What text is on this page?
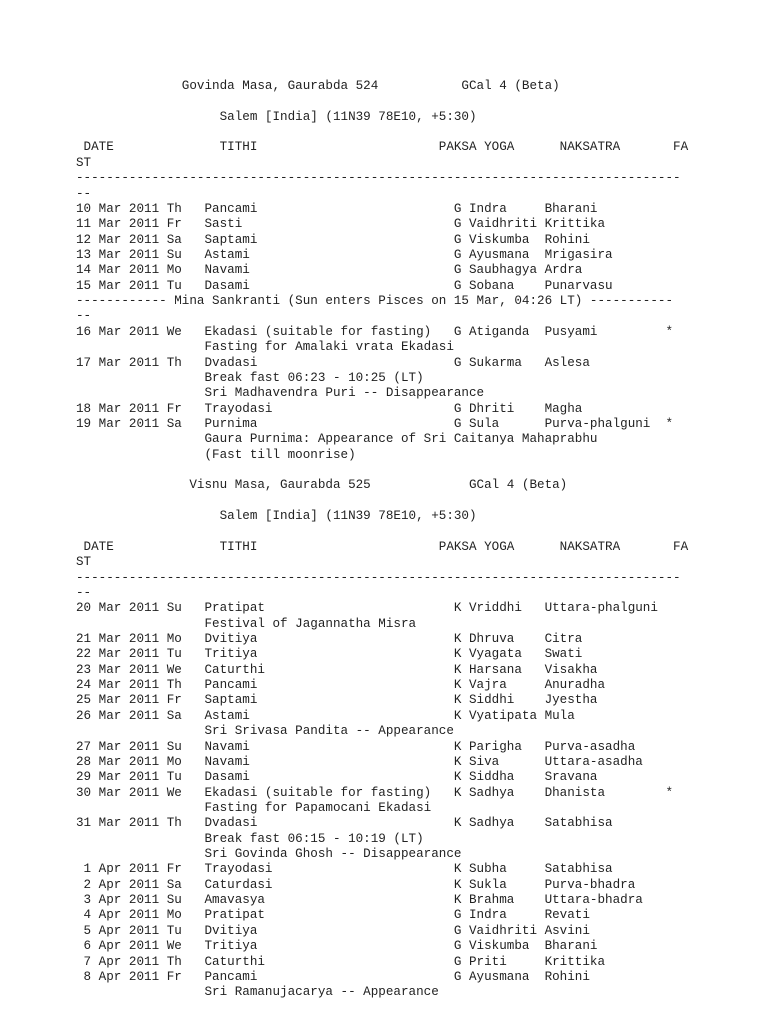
Govinda Masa, Gaurabda 524           GCal 4 (Beta)
Salem [India] (11N39 78E10, +5:30)
DATE              TITHI                        PAKSA YOGA      NAKSATRA       FA
ST
--------------------------------------------------------------------------------
--
10 Mar 2011 Th   Pancami                          G Indra     Bharani
11 Mar 2011 Fr   Sasti                            G Vaidhriti Krittika
12 Mar 2011 Sa   Saptami                          G Viskumba  Rohini
13 Mar 2011 Su   Astami                           G Ayusmana  Mrigasira
14 Mar 2011 Mo   Navami                           G Saubhagya Ardra
15 Mar 2011 Tu   Dasami                           G Sobana    Punarvasu
------------ Mina Sankranti (Sun enters Pisces on 15 Mar, 04:26 LT) -----------
--
16 Mar 2011 We   Ekadasi (suitable for fasting)   G Atiganda  Pusyami         *
Fasting for Amalaki vrata Ekadasi
17 Mar 2011 Th   Dvadasi                          G Sukarma   Aslesa
Break fast 06:23 - 10:25 (LT)
Sri Madhavendra Puri -- Disappearance
18 Mar 2011 Fr   Trayodasi                        G Dhriti    Magha
19 Mar 2011 Sa   Purnima                          G Sula      Purva-phalguni  *
Gaura Purnima: Appearance of Sri Caitanya Mahaprabhu
(Fast till moonrise)
Visnu Masa, Gaurabda 525             GCal 4 (Beta)
Salem [India] (11N39 78E10, +5:30)
DATE              TITHI                        PAKSA YOGA      NAKSATRA       FA
ST
--------------------------------------------------------------------------------
--
20 Mar 2011 Su   Pratipat                         K Vriddhi   Uttara-phalguni
Festival of Jagannatha Misra
21 Mar 2011 Mo   Dvitiya                          K Dhruva    Citra
22 Mar 2011 Tu   Tritiya                          K Vyagata   Swati
23 Mar 2011 We   Caturthi                         K Harsana   Visakha
24 Mar 2011 Th   Pancami                          K Vajra     Anuradha
25 Mar 2011 Fr   Saptami                          K Siddhi    Jyestha
26 Mar 2011 Sa   Astami                           K Vyatipata Mula
Sri Srivasa Pandita -- Appearance
27 Mar 2011 Su   Navami                           K Parigha   Purva-asadha
28 Mar 2011 Mo   Navami                           K Siva      Uttara-asadha
29 Mar 2011 Tu   Dasami                           K Siddha    Sravana
30 Mar 2011 We   Ekadasi (suitable for fasting)   K Sadhya    Dhanista        *
Fasting for Papamocani Ekadasi
31 Mar 2011 Th   Dvadasi                          K Sadhya    Satabhisa
Break fast 06:15 - 10:19 (LT)
Sri Govinda Ghosh -- Disappearance
1 Apr 2011 Fr   Trayodasi                        K Subha     Satabhisa
2 Apr 2011 Sa   Caturdasi                        K Sukla     Purva-bhadra
3 Apr 2011 Su   Amavasya                         K Brahma    Uttara-bhadra
4 Apr 2011 Mo   Pratipat                         G Indra     Revati
5 Apr 2011 Tu   Dvitiya                          G Vaidhriti Asvini
6 Apr 2011 We   Tritiya                          G Viskumba  Bharani
7 Apr 2011 Th   Caturthi                         G Priti     Krittika
8 Apr 2011 Fr   Pancami                          G Ayusmana  Rohini
Sri Ramanujacarya -- Appearance
